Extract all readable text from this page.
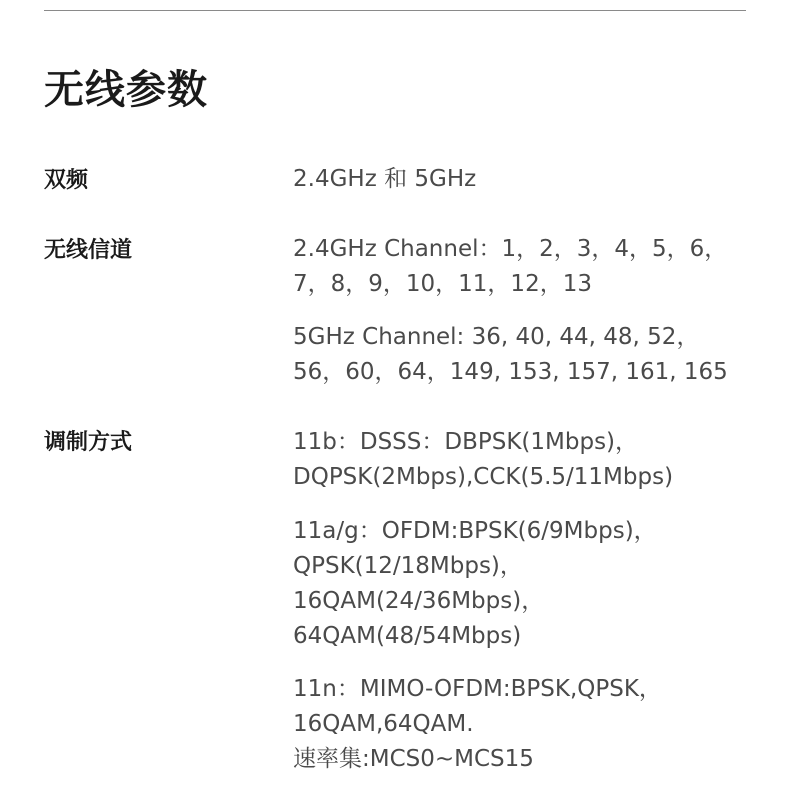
无线参数
双频	2.4GHz 和 5GHz
无线信道	2.4GHz Channel：1，2，3，4，5，6，
7，8，9，10，11，12，13
5GHz Channel: 36, 40, 44, 48, 52，
56，60，64，149, 153, 157, 161, 165
调制方式	11b：DSSS：DBPSK(1Mbps)，
DQPSK(2Mbps),CCK(5.5/11Mbps)
11a/g：OFDM:BPSK(6/9Mbps)，
QPSK(12/18Mbps)，
16QAM(24/36Mbps)，
64QAM(48/54Mbps)
11n：MIMO-OFDM:BPSK,QPSK，
16QAM,64QAM.
速率集:MCS0~MCS15
